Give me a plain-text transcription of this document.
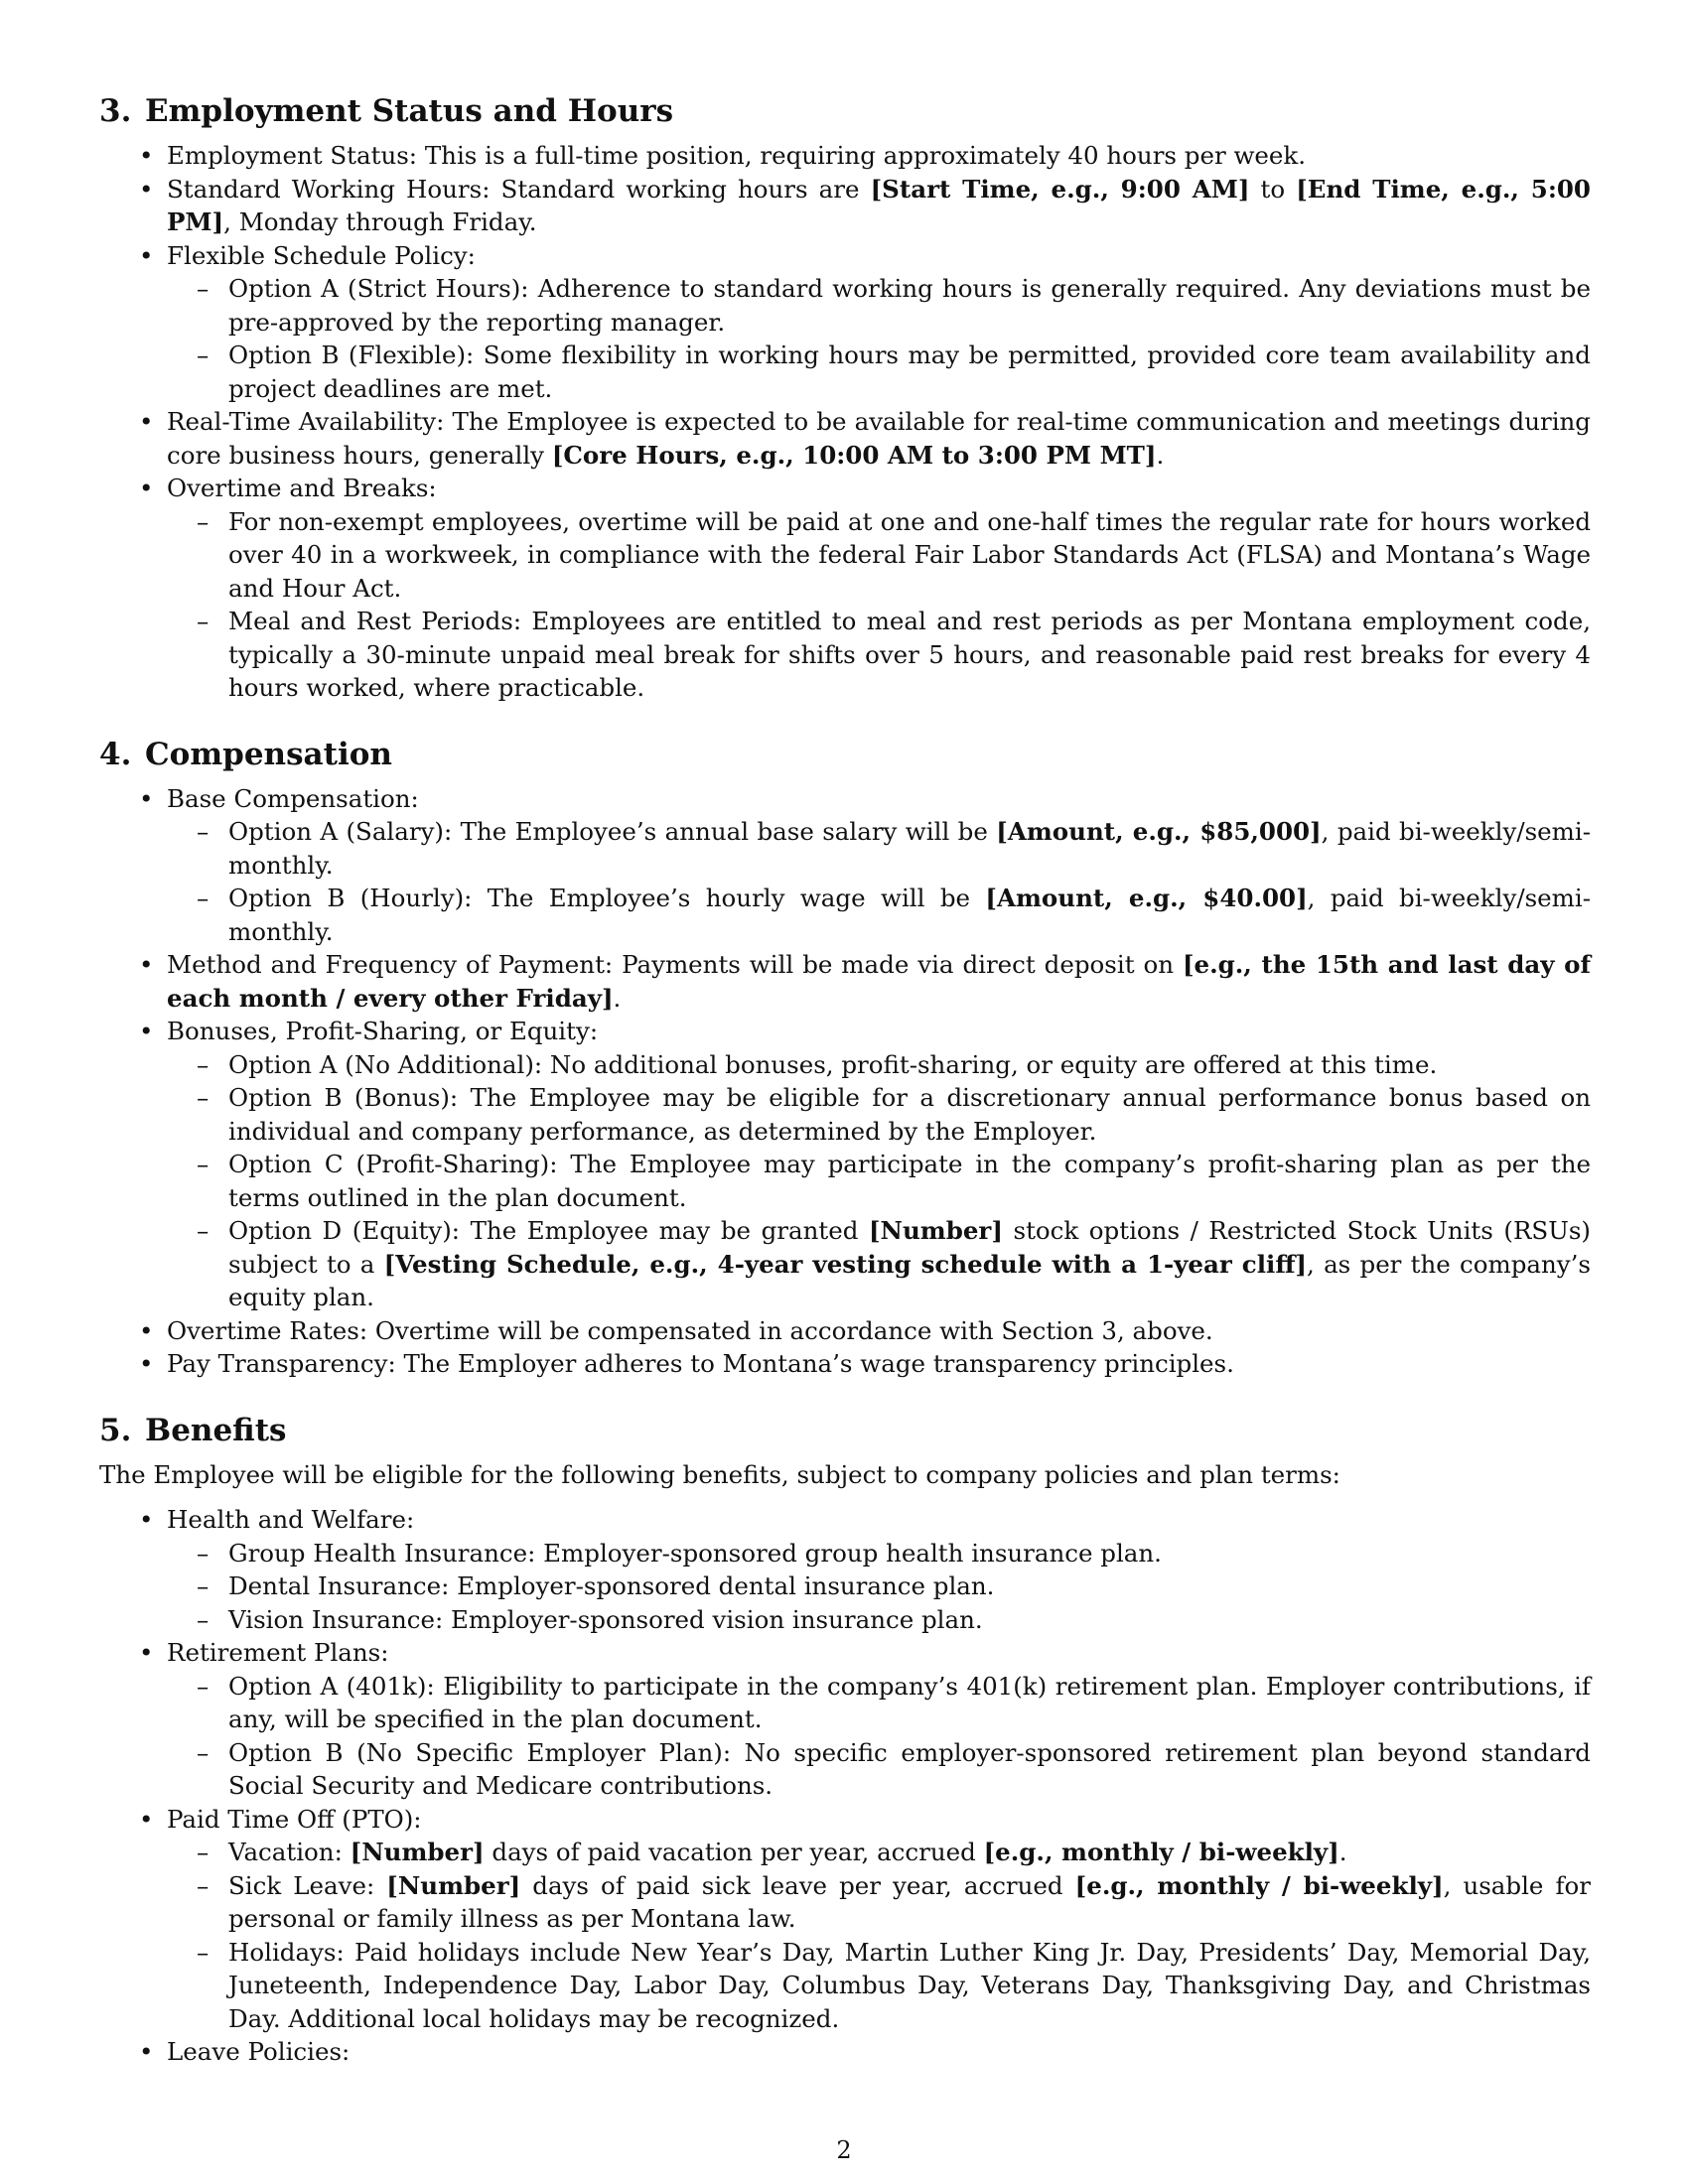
3. Employment Status and Hours
• Employment Status: This is a full-time position, requiring approximately 40 hours per week.
• Standard Working Hours: Standard working hours are [Start Time, e.g., 9:00 AM] to [End Time, e.g., 5:00 PM], Monday through Friday.
• Flexible Schedule Policy:
– Option A (Strict Hours): Adherence to standard working hours is generally required. Any deviations must be pre-approved by the reporting manager.
– Option B (Flexible): Some flexibility in working hours may be permitted, provided core team availability and project deadlines are met.
• Real-Time Availability: The Employee is expected to be available for real-time communication and meetings during core business hours, generally [Core Hours, e.g., 10:00 AM to 3:00 PM MT].
• Overtime and Breaks:
– For non-exempt employees, overtime will be paid at one and one-half times the regular rate for hours worked over 40 in a workweek, in compliance with the federal Fair Labor Standards Act (FLSA) and Montana’s Wage and Hour Act.
– Meal and Rest Periods: Employees are entitled to meal and rest periods as per Montana employment code, typically a 30-minute unpaid meal break for shifts over 5 hours, and reasonable paid rest breaks for every 4 hours worked, where practicable.
4. Compensation
• Base Compensation:
– Option A (Salary): The Employee’s annual base salary will be [Amount, e.g., $85,000], paid bi-weekly/semi-monthly.
– Option B (Hourly): The Employee’s hourly wage will be [Amount, e.g., $40.00], paid bi-weekly/semi-monthly.
• Method and Frequency of Payment: Payments will be made via direct deposit on [e.g., the 15th and last day of each month / every other Friday].
• Bonuses, Profit-Sharing, or Equity:
– Option A (No Additional): No additional bonuses, profit-sharing, or equity are offered at this time.
– Option B (Bonus): The Employee may be eligible for a discretionary annual performance bonus based on individual and company performance, as determined by the Employer.
– Option C (Profit-Sharing): The Employee may participate in the company’s profit-sharing plan as per the terms outlined in the plan document.
– Option D (Equity): The Employee may be granted [Number] stock options / Restricted Stock Units (RSUs) subject to a [Vesting Schedule, e.g., 4-year vesting schedule with a 1-year cliff], as per the company’s equity plan.
• Overtime Rates: Overtime will be compensated in accordance with Section 3, above.
• Pay Transparency: The Employer adheres to Montana’s wage transparency principles.
5. Benefits

The Employee will be eligible for the following benefits, subject to company policies and plan terms:

• Health and Welfare:
– Group Health Insurance: Employer-sponsored group health insurance plan.
– Dental Insurance: Employer-sponsored dental insurance plan.
– Vision Insurance: Employer-sponsored vision insurance plan.
• Retirement Plans:
– Option A (401k): Eligibility to participate in the company’s 401(k) retirement plan. Employer contributions, if any, will be specified in the plan document.
– Option B (No Specific Employer Plan): No specific employer-sponsored retirement plan beyond standard Social Security and Medicare contributions.
• Paid Time Off (PTO):
– Vacation: [Number] days of paid vacation per year, accrued [e.g., monthly / bi-weekly].
– Sick Leave: [Number] days of paid sick leave per year, accrued [e.g., monthly / bi-weekly], usable for personal or family illness as per Montana law.
– Holidays: Paid holidays include New Year’s Day, Martin Luther King Jr. Day, Presidents’ Day, Memorial Day, Juneteenth, Independence Day, Labor Day, Columbus Day, Veterans Day, Thanksgiving Day, and Christmas Day. Additional local holidays may be recognized.
• Leave Policies:
2
